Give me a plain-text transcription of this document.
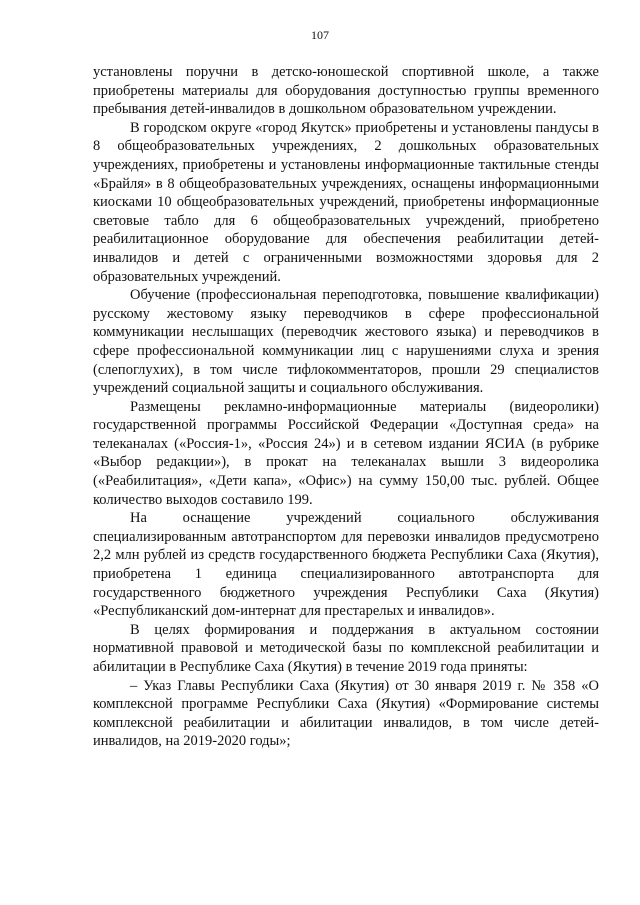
107

установлены поручни в детско-юношеской спортивной школе, а также приобретены материалы для оборудования доступностью группы временного пребывания детей-инвалидов в дошкольном образовательном учреждении.

В городском округе «город Якутск» приобретены и установлены пандусы в 8 общеобразовательных учреждениях, 2 дошкольных образовательных учреждениях, приобретены и установлены информационные тактильные стенды «Брайля» в 8 общеобразовательных учреждениях, оснащены информационными киосками 10 общеобразовательных учреждений, приобретены информационные световые табло для 6 общеобразовательных учреждений, приобретено реабилитационное оборудование для обеспечения реабилитации детей-инвалидов и детей с ограниченными возможностями здоровья для 2 образовательных учреждений.

Обучение (профессиональная переподготовка, повышение квалификации) русскому жестовому языку переводчиков в сфере профессиональной коммуникации неслышащих (переводчик жестового языка) и переводчиков в сфере профессиональной коммуникации лиц с нарушениями слуха и зрения (слепоглухих), в том числе тифлокомментаторов, прошли 29 специалистов учреждений социальной защиты и социального обслуживания.

Размещены рекламно-информационные материалы (видеоролики) государственной программы Российской Федерации «Доступная среда» на телеканалах («Россия-1», «Россия 24») и в сетевом издании ЯСИА (в рубрике «Выбор редакции»), в прокат на телеканалах вышли 3 видеоролика («Реабилитация», «Дети капа», «Офис») на сумму 150,00 тыс. рублей. Общее количество выходов составило 199.

На оснащение учреждений социального обслуживания специализированным автотранспортом для перевозки инвалидов предусмотрено 2,2 млн рублей из средств государственного бюджета Республики Саха (Якутия), приобретена 1 единица специализированного автотранспорта для государственного бюджетного учреждения Республики Саха (Якутия) «Республиканский дом-интернат для престарелых и инвалидов».

В целях формирования и поддержания в актуальном состоянии нормативной правовой и методической базы по комплексной реабилитации и абилитации в Республике Саха (Якутия) в течение 2019 года приняты:

– Указ Главы Республики Саха (Якутия) от 30 января 2019 г. № 358 «О комплексной программе Республики Саха (Якутия) «Формирование системы комплексной реабилитации и абилитации инвалидов, в том числе детей-инвалидов, на 2019-2020 годы»;
